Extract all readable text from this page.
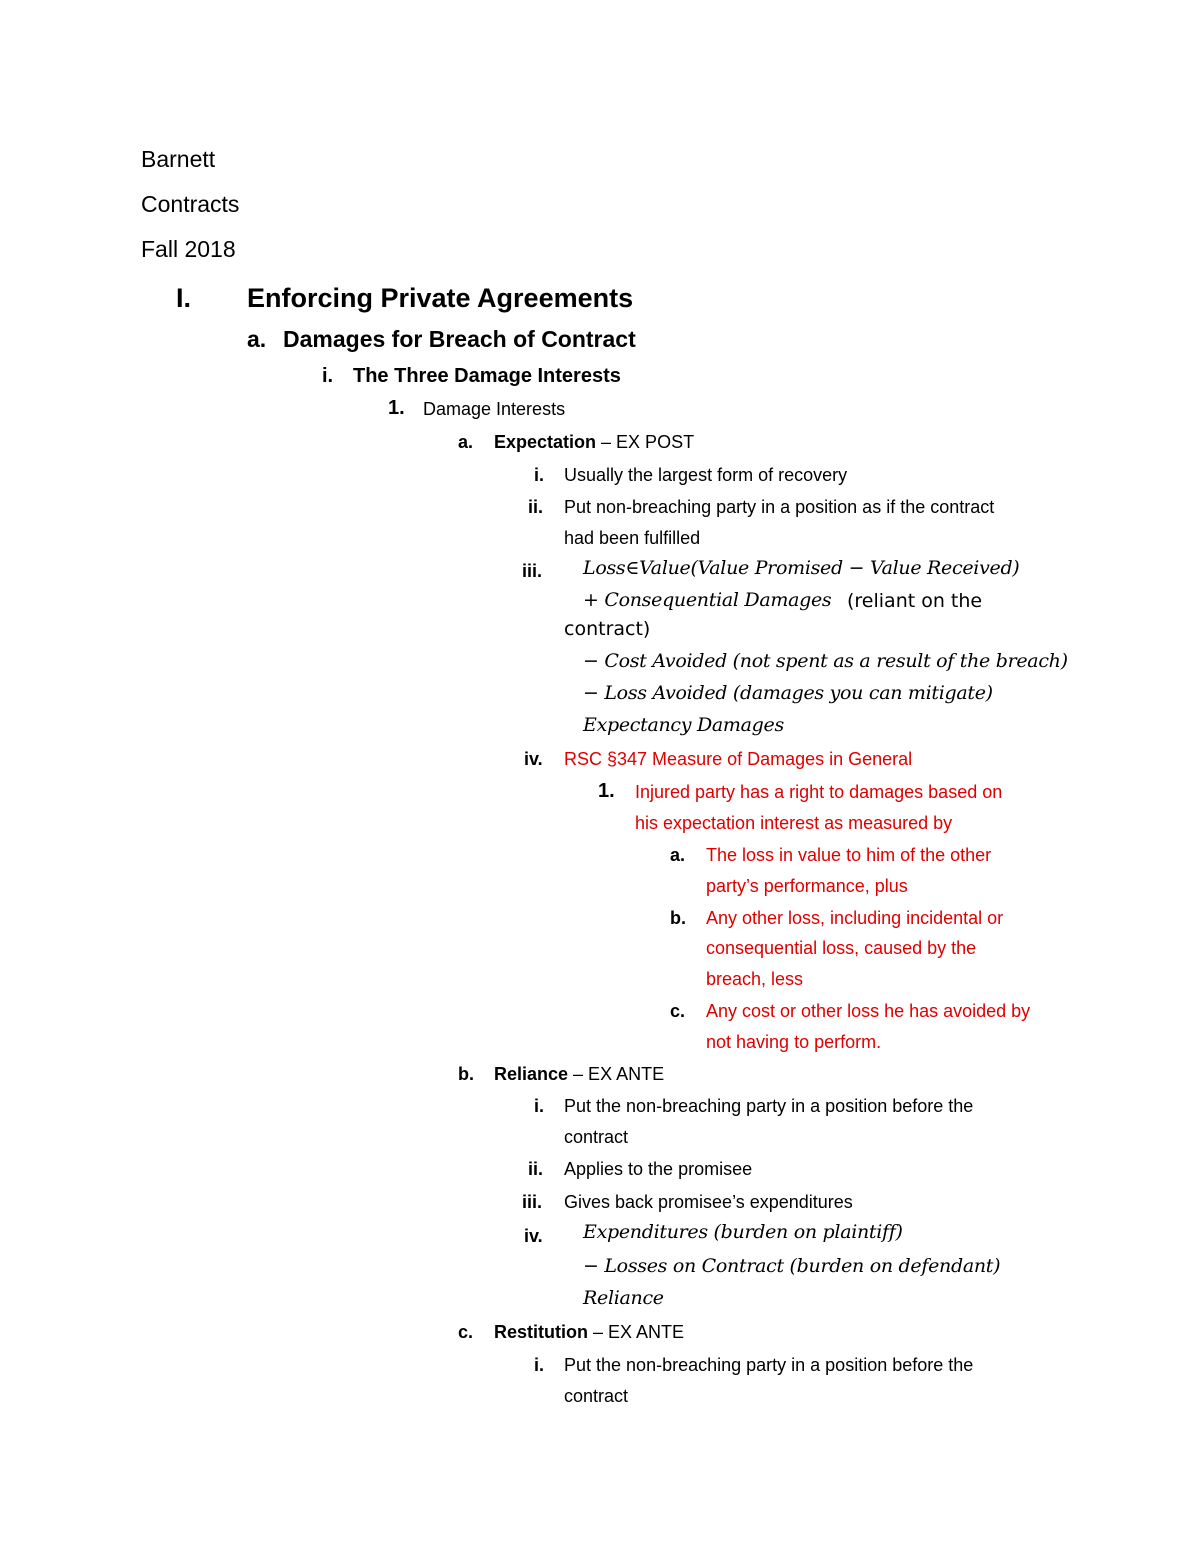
Barnett
Contracts
Fall 2018
I. Enforcing Private Agreements
a. Damages for Breach of Contract
i. The Three Damage Interests
1. Damage Interests
a. Expectation – EX POST
i. Usually the largest form of recovery
ii. Put non-breaching party in a position as if the contract
had been fulfilled
iii. Loss∈Value(Value Promised − Value Received)
+ Consequential Damages (reliant on the
contract)
− Cost Avoided (not spent as a result of the breach)
− Loss Avoided (damages you can mitigate)
Expectancy Damages
iv. RSC §347 Measure of Damages in General
1. Injured party has a right to damages based on
his expectation interest as measured by
a. The loss in value to him of the other
party’s performance, plus
b. Any other loss, including incidental or
consequential loss, caused by the
breach, less
c. Any cost or other loss he has avoided by
not having to perform.
b. Reliance – EX ANTE
i. Put the non-breaching party in a position before the
contract
ii. Applies to the promisee
iii. Gives back promisee’s expenditures
iv. Expenditures (burden on plaintiff)
− Losses on Contract (burden on defendant)
Reliance
c. Restitution – EX ANTE
i. Put the non-breaching party in a position before the
contract
